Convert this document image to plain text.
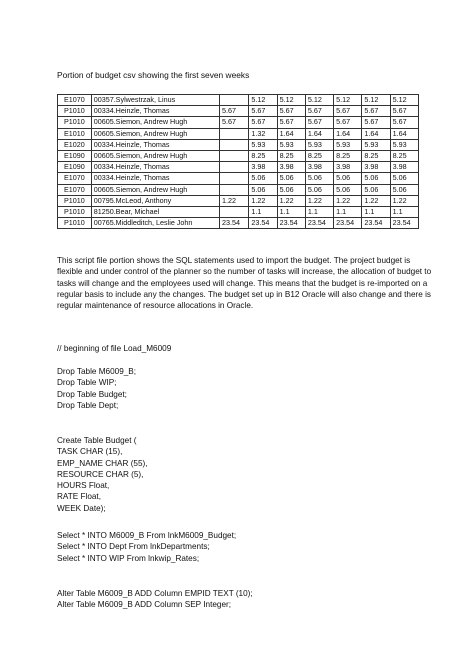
Portion of budget csv showing the first seven weeks
E1070	00357.Sylwestrzak, Linus		5.12	5.12	5.12	5.12	5.12	5.12
P1010	00334.Heinzle, Thomas	5.67	5.67	5.67	5.67	5.67	5.67	5.67
P1010	00605.Siemon, Andrew Hugh	5.67	5.67	5.67	5.67	5.67	5.67	5.67
E1010	00605.Siemon, Andrew Hugh		1.32	1.64	1.64	1.64	1.64	1.64
E1020	00334.Heinzle, Thomas		5.93	5.93	5.93	5.93	5.93	5.93
E1090	00605.Siemon, Andrew Hugh		8.25	8.25	8.25	8.25	8.25	8.25
E1090	00334.Heinzle, Thomas		3.98	3.98	3.98	3.98	3.98	3.98
E1070	00334.Heinzle, Thomas		5.06	5.06	5.06	5.06	5.06	5.06
E1070	00605.Siemon, Andrew Hugh		5.06	5.06	5.06	5.06	5.06	5.06
P1010	00795.McLeod, Anthony	1.22	1.22	1.22	1.22	1.22	1.22	1.22
P1010	81250.Bear, Michael		1.1	1.1	1.1	1.1	1.1	1.1
P1010	00765.Middleditch, Leslie John	23.54	23.54	23.54	23.54	23.54	23.54	23.54

This script file portion shows the SQL statements used to import the budget. The project budget is flexible and under control of the planner so the number of tasks will increase, the allocation of budget to tasks will change and the employees used will change. This means that the budget is re-imported on a regular basis to include any the changes. The budget set up in B12 Oracle will also change and there is regular maintenance of resource allocations in Oracle.

// beginning of file Load_M6009
Drop Table M6009_B;
Drop Table WIP;
Drop Table Budget;
Drop Table Dept;
Create Table Budget (
TASK CHAR (15),
EMP_NAME CHAR (55),
RESOURCE CHAR (5),
HOURS Float,
RATE Float,
WEEK Date);
Select * INTO M6009_B From lnkM6009_Budget;
Select * INTO Dept From lnkDepartments;
Select * INTO WIP From lnkwip_Rates;
Alter Table M6009_B ADD Column EMPID TEXT (10);
Alter Table M6009_B ADD Column SEP Integer;
